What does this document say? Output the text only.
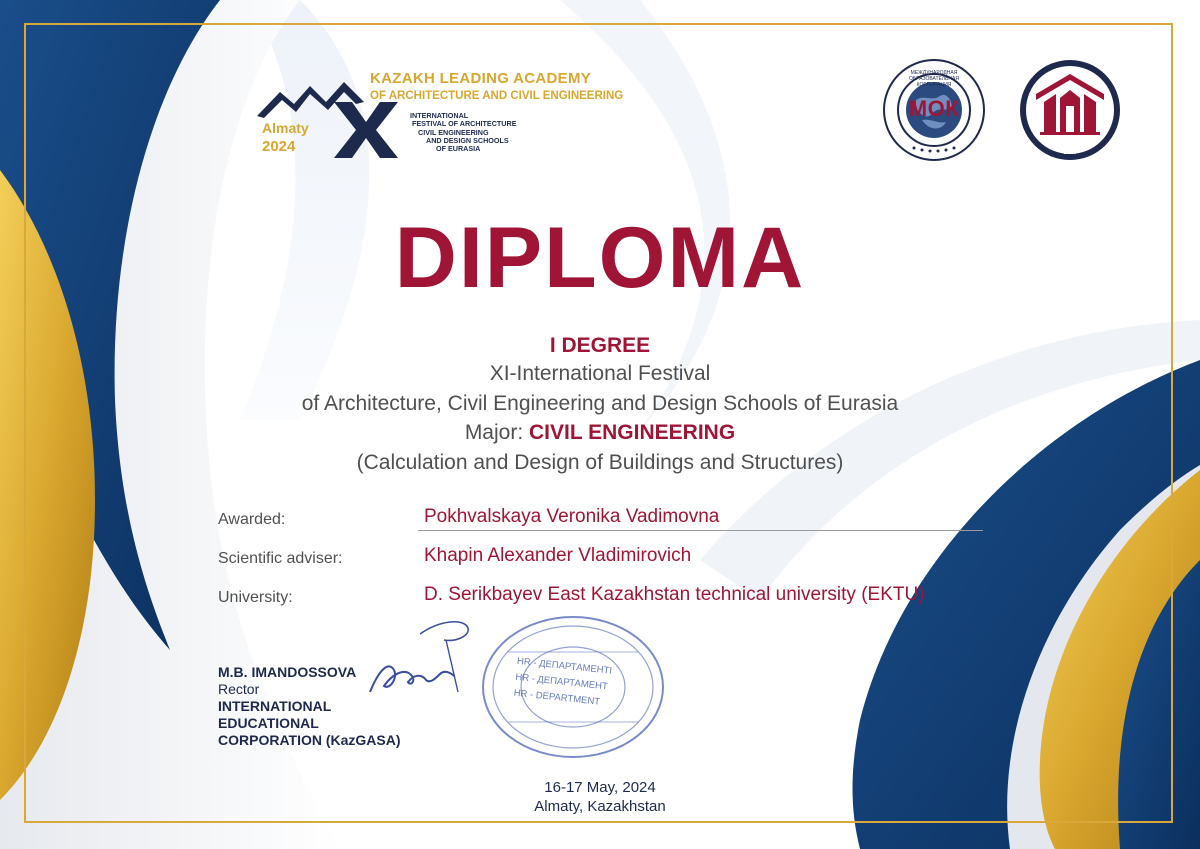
KAZAKH LEADING ACADEMY
OF ARCHITECTURE AND CIVIL ENGINEERING
Almaty
2024
INTERNATIONAL
FESTIVAL OF ARCHITECTURE
CIVIL ENGINEERING
AND DESIGN SCHOOLS
OF EURASIA
МОК
МЕЖДУНАРОДНАЯ ОБРАЗОВАТЕЛЬНАЯ КОРПОРАЦИЯ
KazGASA
1980
DIPLOMA
I DEGREE
XI-International Festival
of Architecture, Civil Engineering and Design Schools of Eurasia
Major: CIVIL ENGINEERING
(Calculation and Design of Buildings and Structures)
Awarded:	Pokhvalskaya Veronika Vadimovna
Scientific adviser:	Khapin Alexander Vladimirovich
University:	D. Serikbayev East Kazakhstan technical university (EKTU)
HR - ДЕПАРТАМЕНТІ
HR - ДЕПАРТАМЕНТ
HR - DEPARTMENT
M.B. IMANDOSSOVA
Rector
INTERNATIONAL
EDUCATIONAL
CORPORATION (KazGASA)
16-17 May, 2024
Almaty, Kazakhstan
